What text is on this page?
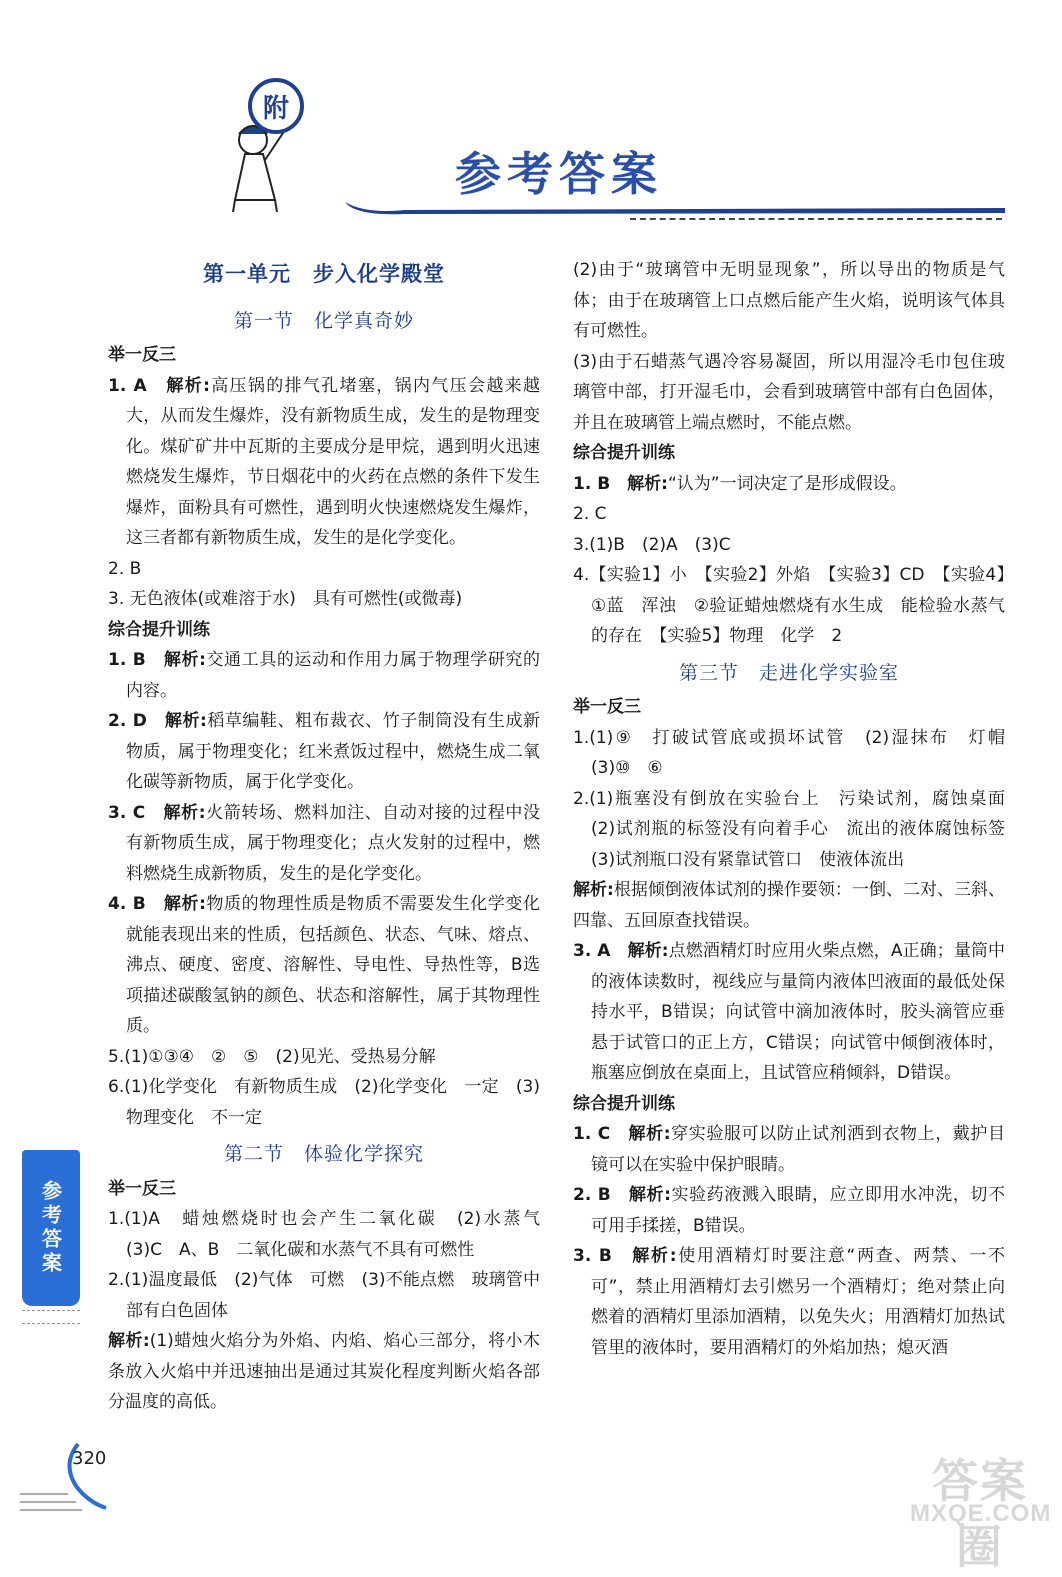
附
参考答案
第一单元　步入化学殿堂
第一节　化学真奇妙

举一反三

1. A　解析:高压锅的排气孔堵塞，锅内气压会越来越大，从而发生爆炸，没有新物质生成，发生的是物理变化。煤矿矿井中瓦斯的主要成分是甲烷，遇到明火迅速燃烧发生爆炸，节日烟花中的火药在点燃的条件下发生爆炸，面粉具有可燃性，遇到明火快速燃烧发生爆炸，这三者都有新物质生成，发生的是化学变化。

2. B

3. 无色液体(或难溶于水)　具有可燃性(或微毒)

综合提升训练

1. B　解析:交通工具的运动和作用力属于物理学研究的内容。

2. D　解析:稻草编鞋、粗布裁衣、竹子制筒没有生成新物质，属于物理变化；红米煮饭过程中，燃烧生成二氧化碳等新物质，属于化学变化。

3. C　解析:火箭转场、燃料加注、自动对接的过程中没有新物质生成，属于物理变化；点火发射的过程中，燃料燃烧生成新物质，发生的是化学变化。

4. B　解析:物质的物理性质是物质不需要发生化学变化就能表现出来的性质，包括颜色、状态、气味、熔点、沸点、硬度、密度、溶解性、导电性、导热性等，B选项描述碳酸氢钠的颜色、状态和溶解性，属于其物理性质。

5.(1)①③④　②　⑤　(2)见光、受热易分解

6.(1)化学变化　有新物质生成　(2)化学变化　一定　(3)物理变化　不一定

第二节　体验化学探究

举一反三

1.(1)A　蜡烛燃烧时也会产生二氧化碳　(2)水蒸气　(3)C　A、B　二氧化碳和水蒸气不具有可燃性

2.(1)温度最低　(2)气体　可燃　(3)不能点燃　玻璃管中部有白色固体

解析:(1)蜡烛火焰分为外焰、内焰、焰心三部分，将小木条放入火焰中并迅速抽出是通过其炭化程度判断火焰各部分温度的高低。

(2)由于“玻璃管中无明显现象”，所以导出的物质是气体；由于在玻璃管上口点燃后能产生火焰，说明该气体具有可燃性。

(3)由于石蜡蒸气遇冷容易凝固，所以用湿冷毛巾包住玻璃管中部，打开湿毛巾，会看到玻璃管中部有白色固体，并且在玻璃管上端点燃时，不能点燃。

综合提升训练

1. B　解析:“认为”一词决定了是形成假设。

2. C

3.(1)B　(2)A　(3)C

4.【实验1】小　【实验2】外焰　【实验3】CD　【实验4】①蓝　浑浊　②验证蜡烛燃烧有水生成　能检验水蒸气的存在　【实验5】物理　化学　2

第三节　走进化学实验室

举一反三

1.(1)⑨　打破试管底或损坏试管　(2)湿抹布　灯帽　(3)⑩　⑥

2.(1)瓶塞没有倒放在实验台上　污染试剂，腐蚀桌面　(2)试剂瓶的标签没有向着手心　流出的液体腐蚀标签　(3)试剂瓶口没有紧靠试管口　使液体流出

解析:根据倾倒液体试剂的操作要领：一倒、二对、三斜、四靠、五回原查找错误。

3. A　解析:点燃酒精灯时应用火柴点燃，A正确；量筒中的液体读数时，视线应与量筒内液体凹液面的最低处保持水平，B错误；向试管中滴加液体时，胶头滴管应垂悬于试管口的正上方，C错误；向试管中倾倒液体时，瓶塞应倒放在桌面上，且试管应稍倾斜，D错误。

综合提升训练

1. C　解析:穿实验服可以防止试剂洒到衣物上，戴护目镜可以在实验中保护眼睛。

2. B　解析:实验药液溅入眼睛，应立即用水冲洗，切不可用手揉搓，B错误。

3. B　解析:使用酒精灯时要注意“两查、两禁、一不可”，禁止用酒精灯去引燃另一个酒精灯；绝对禁止向燃着的酒精灯里添加酒精，以免失火；用酒精灯加热试管里的液体时，要用酒精灯的外焰加热；熄灭酒

参考答案
320	答案圈
MXQE.COM
